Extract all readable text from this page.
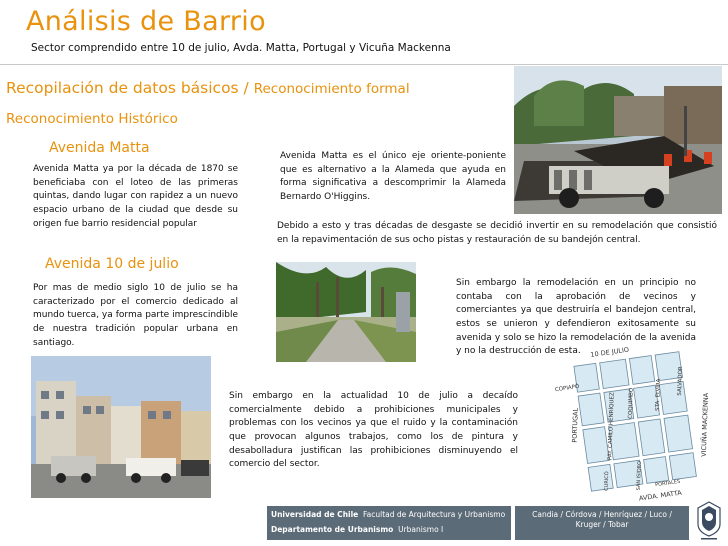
Análisis de Barrio
Sector comprendido entre 10 de julio, Avda. Matta, Portugal y Vicuña Mackenna
Recopilación de datos básicos / Reconocimiento formal
Reconocimiento Histórico
Avenida Matta
Avenida Matta ya por la década de 1870 se beneficiaba con el loteo de las primeras quintas, dando lugar con rapidez a un nuevo espacio urbano de la ciudad que desde su origen fue barrio residencial popular
Avenida Matta es el único eje oriente-poniente que es alternativo a la Alameda que ayuda en forma significativa a descomprimir la Alameda Bernardo O'Higgins.
Debido a esto y tras décadas de desgaste se decidió invertir en su remodelación que consistió en la repavimentación de sus ocho pistas y restauración de su bandejón central.
Avenida 10 de julio
Por mas de medio siglo 10 de julio se ha caracterizado por el comercio dedicado al mundo tuerca, ya forma parte imprescindible de nuestra tradición popular urbana en santiago.
Sin embargo la remodelación en un principio no contaba con la aprobación de vecinos y comerciantes ya que destruiría el bandejon central, estos se unieron y defendieron exitosamente su avenida y solo se hizo la remodelación de la avenida y no la destrucción de esta.
Sin embargo en la actualidad 10 de julio a decaído comercialmente debido a prohibiciones municipales y problemas con los vecinos ya que el ruido y la contaminación que provocan algunos trabajos, como los de pintura y desabolladura justifican las prohibiciones disminuyendo el comercio del sector.
10 DE JULIO
PORTUGAL	PAY. CAMILO HENRÍQUEZ COQUIMBO	STA. ELVIRA	SALVADOR
VICUÑA MACKENNA
AVDA. MATTA
COPIAPÓ
CURICÓ	SAN ISIDRO PORTALES
Universidad de Chile Facultad de Arquitectura y Urbanismo
Departamento de Urbanismo Urbanismo I
Candia / Córdova / Henríquez / Luco / Kruger / Tobar
